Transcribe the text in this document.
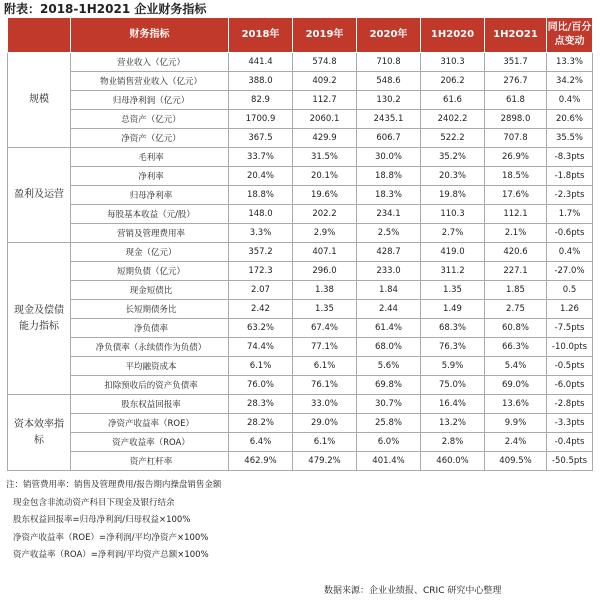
附表：2018-1H2021 企业财务指标
	财务指标	2018年	2019年	2020年	1H2020	1H2O21	同比/百分点变动
规模	营业收入（亿元）	441.4	574.8	710.8	310.3	351.7	13.3%
	物业销售营业收入（亿元）	388.0	409.2	548.6	206.2	276.7	34.2%
	归母净利润（亿元）	82.9	112.7	130.2	61.6	61.8	0.4%
	总资产（亿元）	1700.9	2060.1	2435.1	2402.2	2898.0	20.6%
	净资产（亿元）	367.5	429.9	606.7	522.2	707.8	35.5%
盈利及运营	毛利率	33.7%	31.5%	30.0%	35.2%	26.9%	-8.3pts
	净利率	20.4%	20.1%	18.8%	20.3%	18.5%	-1.8pts
	归母净利率	18.8%	19.6%	18.3%	19.8%	17.6%	-2.3pts
	每股基本收益（元/股）	148.0	202.2	234.1	110.3	112.1	1.7%
	营销及管理费用率	3.3%	2.9%	2.5%	2.7%	2.1%	-0.6pts
现金及偿债能力指标	现金（亿元）	357.2	407.1	428.7	419.0	420.6	0.4%
	短期负债（亿元）	172.3	296.0	233.0	311.2	227.1	-27.0%
	现金短债比	2.07	1.38	1.84	1.35	1.85	0.5
	长短期债务比	2.42	1.35	2.44	1.49	2.75	1.26
	净负债率	63.2%	67.4%	61.4%	68.3%	60.8%	-7.5pts
	净负债率（永续债作为负债）	74.4%	77.1%	68.0%	76.3%	66.3%	-10.0pts
	平均融资成本	6.1%	6.1%	5.6%	5.9%	5.4%	-0.5pts
	扣除预收后的资产负债率	76.0%	76.1%	69.8%	75.0%	69.0%	-6.0pts
资本效率指标	股东权益回报率	28.3%	33.0%	30.7%	16.4%	13.6%	-2.8pts
	净资产收益率（ROE）	28.2%	29.0%	25.8%	13.2%	9.9%	-3.3pts
	资产收益率（ROA）	6.4%	6.1%	6.0%	2.8%	2.4%	-0.4pts
	资产杠杆率	462.9%	479.2%	401.4%	460.0%	409.5%	-50.5pts
注：销管费用率：销售及管理费用/报告期内操盘销售金额
现金包含非流动资产科目下现金及银行结余
股东权益回报率=归母净利润/归母权益×100%
净资产收益率（ROE）=净利润/平均净资产×100%
资产收益率（ROA）=净利润/平均资产总额×100%
数据来源：企业业绩报、CRIC 研究中心整理
